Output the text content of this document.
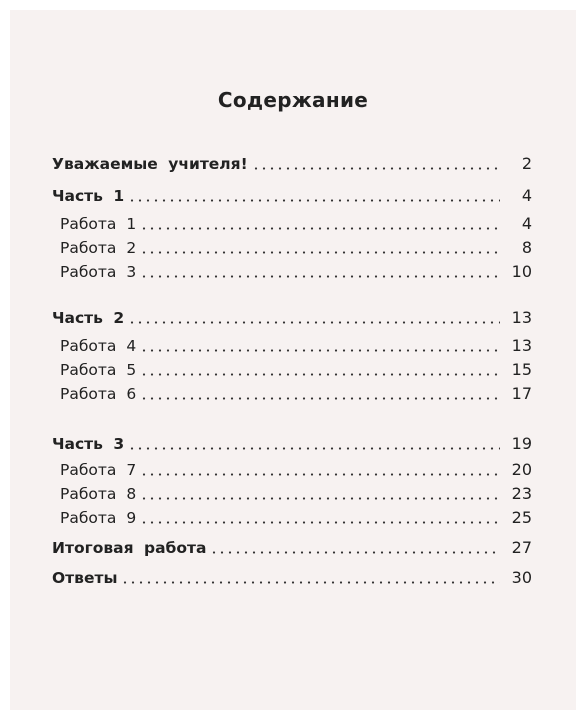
Содержание
Уважаемые учителя!	2
Часть 1	4
Работа 1	4
Работа 2	8
Работа 3	10
Часть 2	13
Работа 4	13
Работа 5	15
Работа 6	17
Часть 3	19
Работа 7	20
Работа 8	23
Работа 9	25
Итоговая работа	27
Ответы	30
